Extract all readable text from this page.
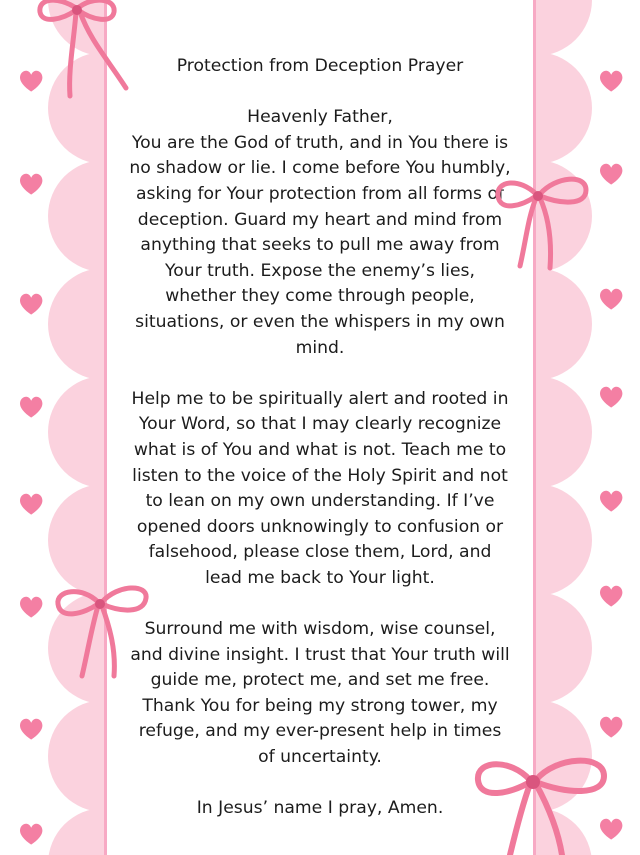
Protection from Deception Prayer

Heavenly Father,

You are the God of truth, and in You there is no shadow or lie. I come before You humbly, asking for Your protection from all forms of deception. Guard my heart and mind from anything that seeks to pull me away from Your truth. Expose the enemy’s lies, whether they come through people, situations, or even the whispers in my own mind.

Help me to be spiritually alert and rooted in Your Word, so that I may clearly recognize what is of You and what is not. Teach me to listen to the voice of the Holy Spirit and not to lean on my own understanding. If I’ve opened doors unknowingly to confusion or falsehood, please close them, Lord, and lead me back to Your light.

Surround me with wisdom, wise counsel, and divine insight. I trust that Your truth will guide me, protect me, and set me free. Thank You for being my strong tower, my refuge, and my ever-present help in times of uncertainty.

In Jesus’ name I pray, Amen.
